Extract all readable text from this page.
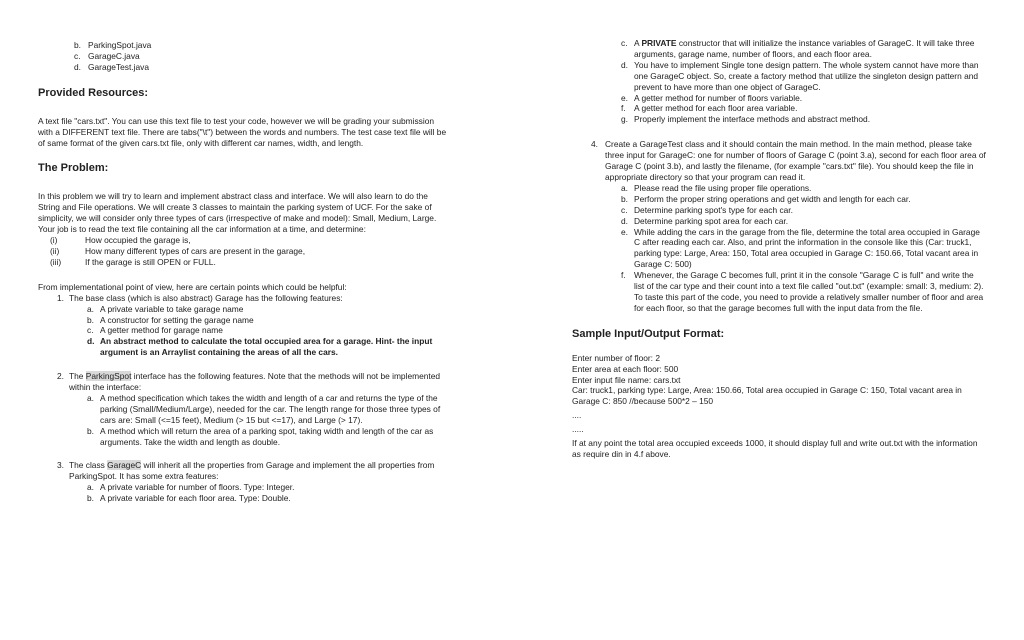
b. ParkingSpot.java
c. GarageC.java
d. GarageTest.java

Provided Resources:

A text file "cars.txt". You can use this text file to test your code, however we will be grading your submission with a DIFFERENT text file. There are tabs("\t") between the words and numbers. The test case text file will be of same format of the given cars.txt file, only with different car names, width, and length.

The Problem:

In this problem we will try to learn and implement abstract class and interface. We will also learn to do the String and File operations. We will create 3 classes to maintain the parking system of UCF. For the sake of simplicity, we will consider only three types of cars (irrespective of make and model): Small, Medium, Large. Your job is to read the text file containing all the car information at a time, and determine:

(i)	How occupied the garage is,
(ii)	How many different types of cars are present in the garage,
(iii)	If the garage is still OPEN or FULL.

From implementational point of view, here are certain points which could be helpful:

1. The base class (which is also abstract) Garage has the following features:
a. A private variable to take garage name
b. A constructor for setting the garage name
c. A getter method for garage name
d. An abstract method to calculate the total occupied area for a garage. Hint- the input argument is an Arraylist containing the areas of all the cars.
2. The ParkingSpot interface has the following features. Note that the methods will not be implemented within the interface:
a. A method specification which takes the width and length of a car and returns the type of the parking (Small/Medium/Large), needed for the car. The length range for those three types of cars are: Small (<=15 feet), Medium (> 15 but <=17), and Large (> 17).
b. A method which will return the area of a parking spot, taking width and length of the car as arguments. Take the width and length as double.
3. The class GarageC will inherit all the properties from Garage and implement the all properties from ParkingSpot. It has some extra features:
a. A private variable for number of floors. Type: Integer.
b. A private variable for each floor area. Type: Double.
c. A PRIVATE constructor that will initialize the instance variables of GarageC. It will take three arguments, garage name, number of floors, and each floor area.
d. You have to implement Single tone design pattern. The whole system cannot have more than one GarageC object. So, create a factory method that utilize the singleton design pattern and prevent to have more than one object of GarageC.
e. A getter method for number of floors variable.
f. A getter method for each floor area variable.
g. Properly implement the interface methods and abstract method.
4. Create a GarageTest class and it should contain the main method. In the main method, please take three input for GarageC: one for number of floors of Garage C (point 3.a), second for each floor area of Garage C (point 3.b), and lastly the filename, (for example "cars.txt" file). You should keep the file in appropriate directory so that your program can read it.
a. Please read the file using proper file operations.
b. Perform the proper string operations and get width and length for each car.
c. Determine parking spot's type for each car.
d. Determine parking spot area for each car.
e. While adding the cars in the garage from the file, determine the total area occupied in Garage C after reading each car. Also, and print the information in the console like this (Car: truck1, parking type: Large, Area: 150, Total area occupied in Garage C: 150.66, Total vacant area in Garage C: 500)
f. Whenever, the Garage C becomes full, print it in the console "Garage C is full" and write the list of the car type and their count into a text file called "out.txt" (example: small: 3, medium: 2). To taste this part of the code, you need to provide a relatively smaller number of floor and area for each floor, so that the garage becomes full with the input data from the file.

Sample Input/Output Format:

Enter number of floor: 2

Enter area at each floor: 500

Enter input file name: cars.txt

Car: truck1, parking type: Large, Area: 150.66, Total area occupied in Garage C: 150, Total vacant area in Garage C: 850 //because 500*2 – 150

....

.....

If at any point the total area occupied exceeds 1000, it should display full and write out.txt with the information as require din in 4.f above.
